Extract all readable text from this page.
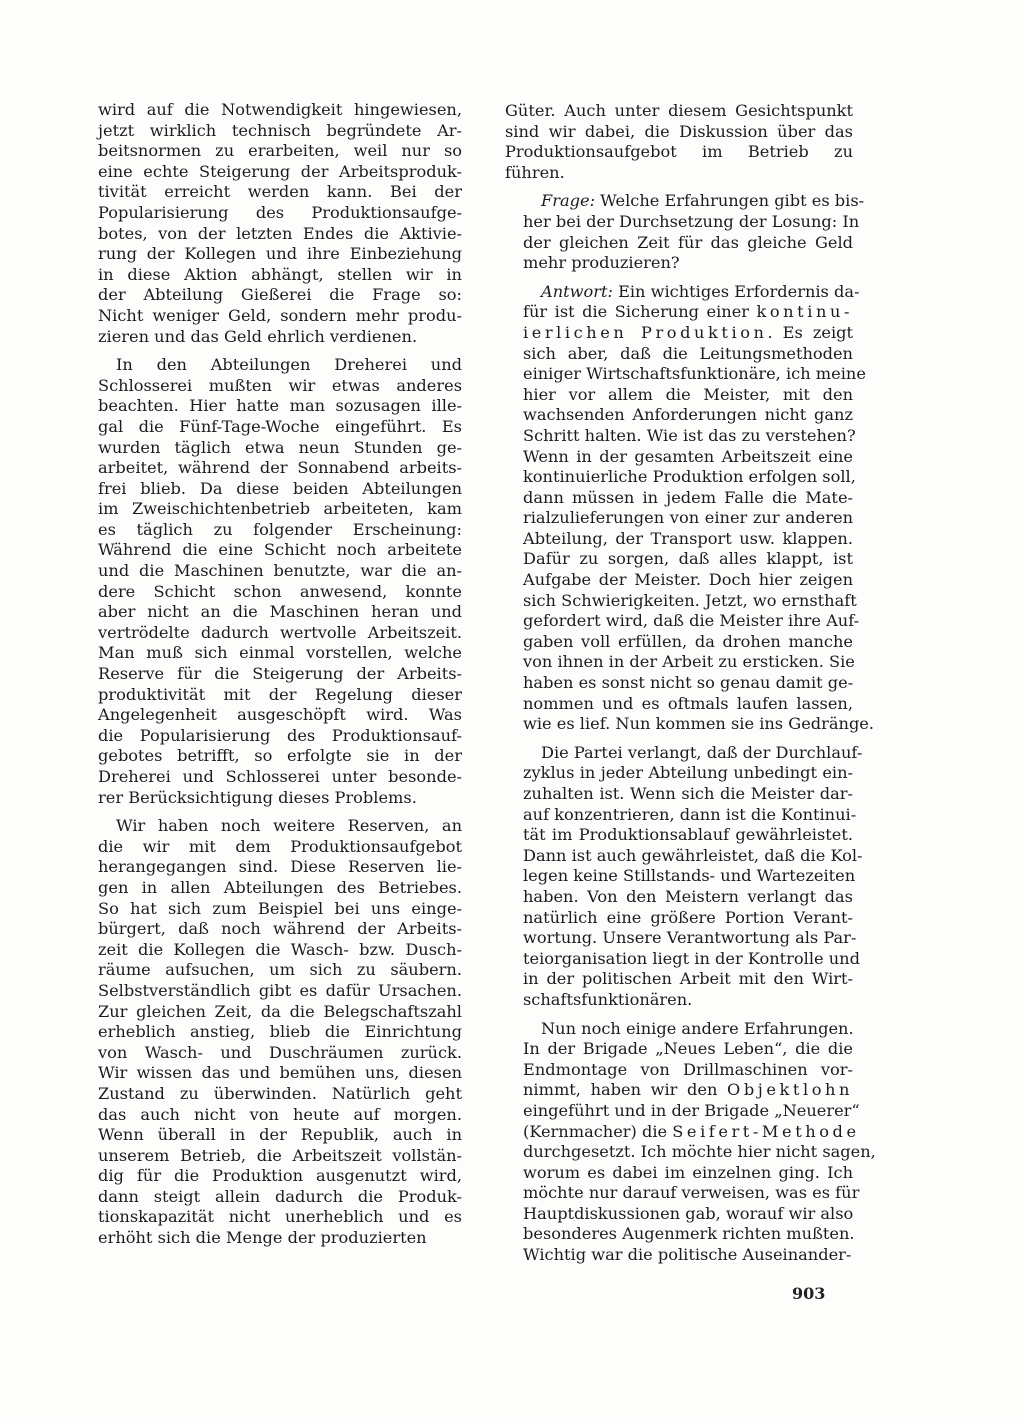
wird auf die Notwendigkeit hingewiesen,
jetzt wirklich technisch begründete Ar-
beitsnormen zu erarbeiten, weil nur so
eine echte Steigerung der Arbeitsproduk-
tivität erreicht werden kann. Bei der
Popularisierung des Produktionsaufge-
botes, von der letzten Endes die Aktivie-
rung der Kollegen und ihre Einbeziehung
in diese Aktion abhängt, stellen wir in
der Abteilung Gießerei die Frage so:
Nicht weniger Geld, sondern mehr produ-
zieren und das Geld ehrlich verdienen.

In den Abteilungen Dreherei und
Schlosserei mußten wir etwas anderes
beachten. Hier hatte man sozusagen ille-
gal die Fünf-Tage-Woche eingeführt. Es
wurden täglich etwa neun Stunden ge-
arbeitet, während der Sonnabend arbeits-
frei blieb. Da diese beiden Abteilungen
im Zweischichtenbetrieb arbeiteten, kam
es täglich zu folgender Erscheinung:
Während die eine Schicht noch arbeitete
und die Maschinen benutzte, war die an-
dere Schicht schon anwesend, konnte
aber nicht an die Maschinen heran und
vertrödelte dadurch wertvolle Arbeitszeit.
Man muß sich einmal vorstellen, welche
Reserve für die Steigerung der Arbeits-
produktivität mit der Regelung dieser
Angelegenheit ausgeschöpft wird. Was
die Popularisierung des Produktionsauf-
gebotes betrifft, so erfolgte sie in der
Dreherei und Schlosserei unter besonde-
rer Berücksichtigung dieses Problems.

Wir haben noch weitere Reserven, an
die wir mit dem Produktionsaufgebot
herangegangen sind. Diese Reserven lie-
gen in allen Abteilungen des Betriebes.
So hat sich zum Beispiel bei uns einge-
bürgert, daß noch während der Arbeits-
zeit die Kollegen die Wasch- bzw. Dusch-
räume aufsuchen, um sich zu säubern.
Selbstverständlich gibt es dafür Ursachen.
Zur gleichen Zeit, da die Belegschaftszahl
erheblich anstieg, blieb die Einrichtung
von Wasch- und Duschräumen zurück.
Wir wissen das und bemühen uns, diesen
Zustand zu überwinden. Natürlich geht
das auch nicht von heute auf morgen.
Wenn überall in der Republik, auch in
unserem Betrieb, die Arbeitszeit vollstän-
dig für die Produktion ausgenutzt wird,
dann steigt allein dadurch die Produk-
tionskapazität nicht unerheblich und es
erhöht sich die Menge der produzierten

Güter. Auch unter diesem Gesichtspunkt
sind wir dabei, die Diskussion über das
Produktionsaufgebot im Betrieb zu
führen.

Frage: Welche Erfahrungen gibt es bis-
her bei der Durchsetzung der Losung: In
der gleichen Zeit für das gleiche Geld
mehr produzieren?

Antwort: Ein wichtiges Erfordernis da-
für ist die Sicherung einer kontinu-
ierlichen Produktion. Es zeigt
sich aber, daß die Leitungsmethoden
einiger Wirtschaftsfunktionäre, ich meine
hier vor allem die Meister, mit den
wachsenden Anforderungen nicht ganz
Schritt halten. Wie ist das zu verstehen?
Wenn in der gesamten Arbeitszeit eine
kontinuierliche Produktion erfolgen soll,
dann müssen in jedem Falle die Mate-
rialzulieferungen von einer zur anderen
Abteilung, der Transport usw. klappen.
Dafür zu sorgen, daß alles klappt, ist
Aufgabe der Meister. Doch hier zeigen
sich Schwierigkeiten. Jetzt, wo ernsthaft
gefordert wird, daß die Meister ihre Auf-
gaben voll erfüllen, da drohen manche
von ihnen in der Arbeit zu ersticken. Sie
haben es sonst nicht so genau damit ge-
nommen und es oftmals laufen lassen,
wie es lief. Nun kommen sie ins Gedränge.

Die Partei verlangt, daß der Durchlauf-
zyklus in jeder Abteilung unbedingt ein-
zuhalten ist. Wenn sich die Meister dar-
auf konzentrieren, dann ist die Kontinui-
tät im Produktionsablauf gewährleistet.
Dann ist auch gewährleistet, daß die Kol-
legen keine Stillstands- und Wartezeiten
haben. Von den Meistern verlangt das
natürlich eine größere Portion Verant-
wortung. Unsere Verantwortung als Par-
teiorganisation liegt in der Kontrolle und
in der politischen Arbeit mit den Wirt-
schaftsfunktionären.

Nun noch einige andere Erfahrungen.
In der Brigade „Neues Leben“, die die
Endmontage von Drillmaschinen vor-
nimmt, haben wir den Objektlohn
eingeführt und in der Brigade „Neuerer“
(Kernmacher) die Seifert-Methode
durchgesetzt. Ich möchte hier nicht sagen,
worum es dabei im einzelnen ging. Ich
möchte nur darauf verweisen, was es für
Hauptdiskussionen gab, worauf wir also
besonderes Augenmerk richten mußten.
Wichtig war die politische Auseinander-

903
